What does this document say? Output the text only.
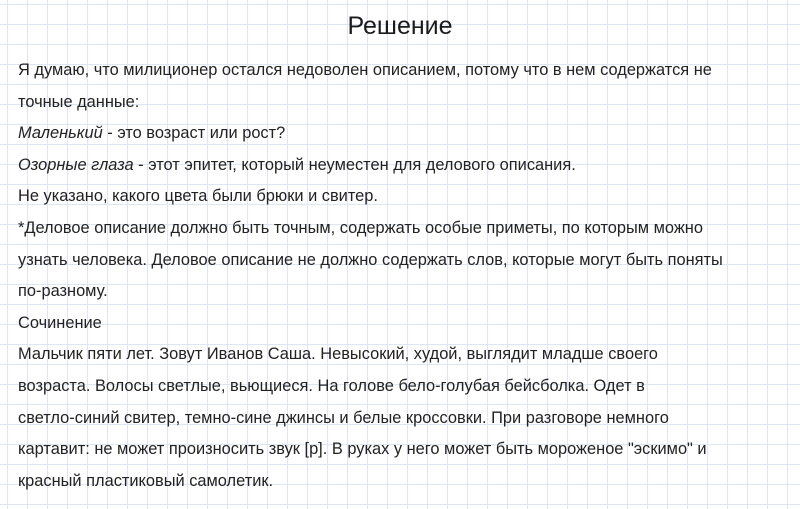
Решение
Я думаю, что милиционер остался недоволен описанием, потому что в нем содержатся не
точные данные:
Маленький - это возраст или рост?
Озорные глаза - этот эпитет, который неуместен для делового описания.
Не указано, какого цвета были брюки и свитер.
*Деловое описание должно быть точным, содержать особые приметы, по которым можно
узнать человека. Деловое описание не должно содержать слов, которые могут быть поняты
по-разному.
Сочинение
Мальчик пяти лет. Зовут Иванов Саша. Невысокий, худой, выглядит младше своего
возраста. Волосы светлые, вьющиеся. На голове бело-голубая бейсболка. Одет в
светло-синий свитер, темно-сине джинсы и белые кроссовки. При разговоре немного
картавит: не может произносить звук [р]. В руках у него может быть мороженое "эскимо" и
красный пластиковый самолетик.
